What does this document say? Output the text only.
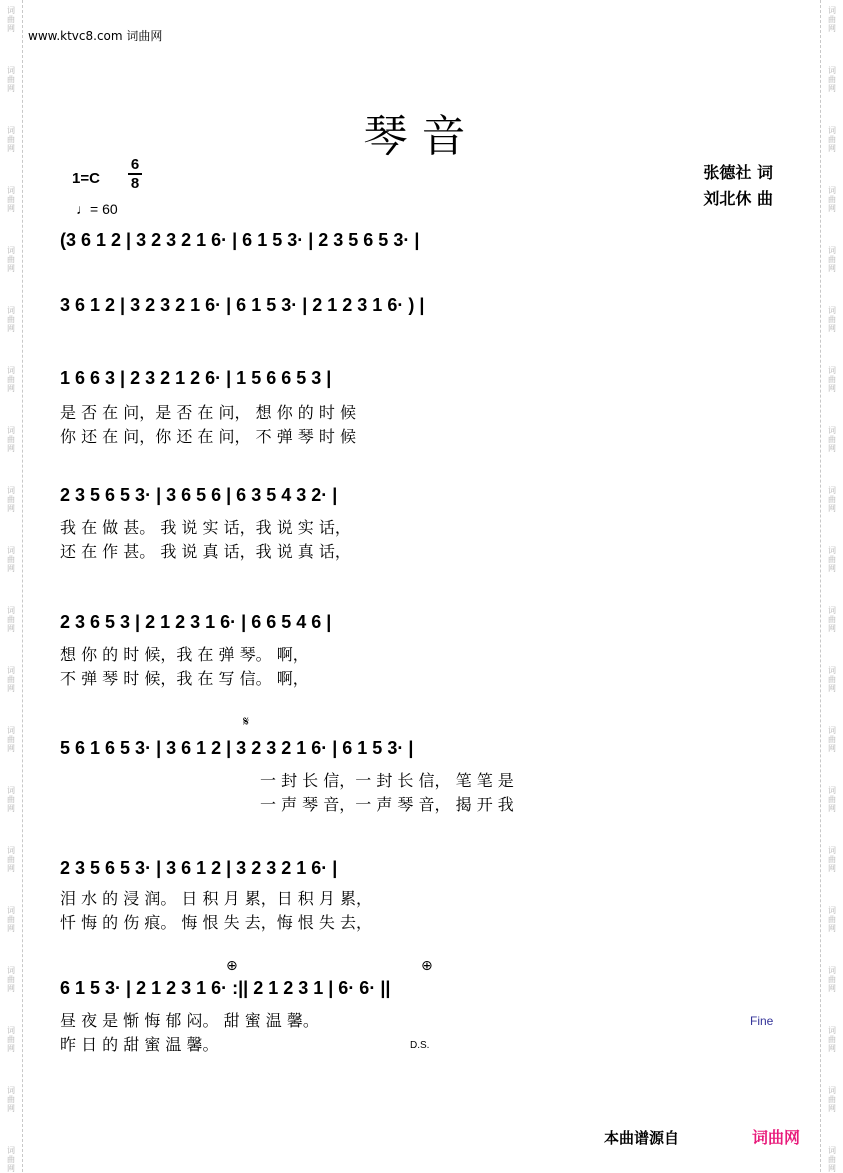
词
曲
网
词
曲
网
词
曲
网
词
曲
网
词
曲
网
词
曲
网
词
曲
网
词
曲
网
词
曲
网
词
曲
网
词
曲
网
词
曲
网
词
曲
网
词
曲
网
词
曲
网
词
曲
网
词
曲
网
词
曲
网
词
曲
网
词
曲
网
词
曲
网
词
曲
网
词
曲
网
词
曲
网
词
曲
网
词
曲
网
词
曲
网
词
曲
网
词
曲
网
词
曲
网
词
曲
网
词
曲
网
词
曲
网
词
曲
网
词
曲
网
词
曲
网
词
曲
网
词
曲
网
词
曲
网
词
曲
网
www.ktvc8.com 词曲网
琴音
1=C
6
8
♩= 60
张德社 词
刘北休 曲
(3 6 1 2 | 3 2 3 2 1 6· | 6 1 5 3· | 2 3 5 6 5 3· |
3 6 1 2 | 3 2 3 2 1 6· | 6 1 5 3· | 2 1 2 3 1 6· ) |
1 6 6 3 | 2 3 2 1 2 6· | 1 5 6 6 5 3 |
是 否 在 问，是 否 在 问， 想 你 的 时 候
你 还 在 问，你 还 在 问， 不 弹 琴 时 候
2 3 5 6 5 3· | 3 6 5 6 | 6 3 5 4 3 2· |
我 在 做 甚。 我 说 实 话，我 说 实 话，
还 在 作 甚。 我 说 真 话，我 说 真 话，
2 3 6 5 3 | 2 1 2 3 1 6· | 6 6 5 4 6 |
想 你 的 时 候，我 在 弹 琴。 啊，
不 弹 琴 时 候，我 在 写 信。 啊，
5 6 1 6 5 3· | 3 6 1 2 | 3 2 3 2 1 6· | 6 1 5 3· |
一 封 长 信，一 封 长 信， 笔 笔 是
一 声 琴 音，一 声 琴 音， 揭 开 我
2 3 5 6 5 3· | 3 6 1 2 | 3 2 3 2 1 6· |
泪 水 的 浸 润。 日 积 月 累，日 积 月 累，
忏 悔 的 伤 痕。 悔 恨 失 去，悔 恨 失 去，
6 1 5 3· | 2 1 2 3 1 6· :|| 2 1 2 3 1 | 6· 6· ||
昼 夜 是 惭 悔 郁 闷。 甜 蜜 温 馨。
昨 日 的 甜 蜜 温 馨。
𝄋
⊕	⊕
Fine
D.S.
本曲谱源自	词曲网
